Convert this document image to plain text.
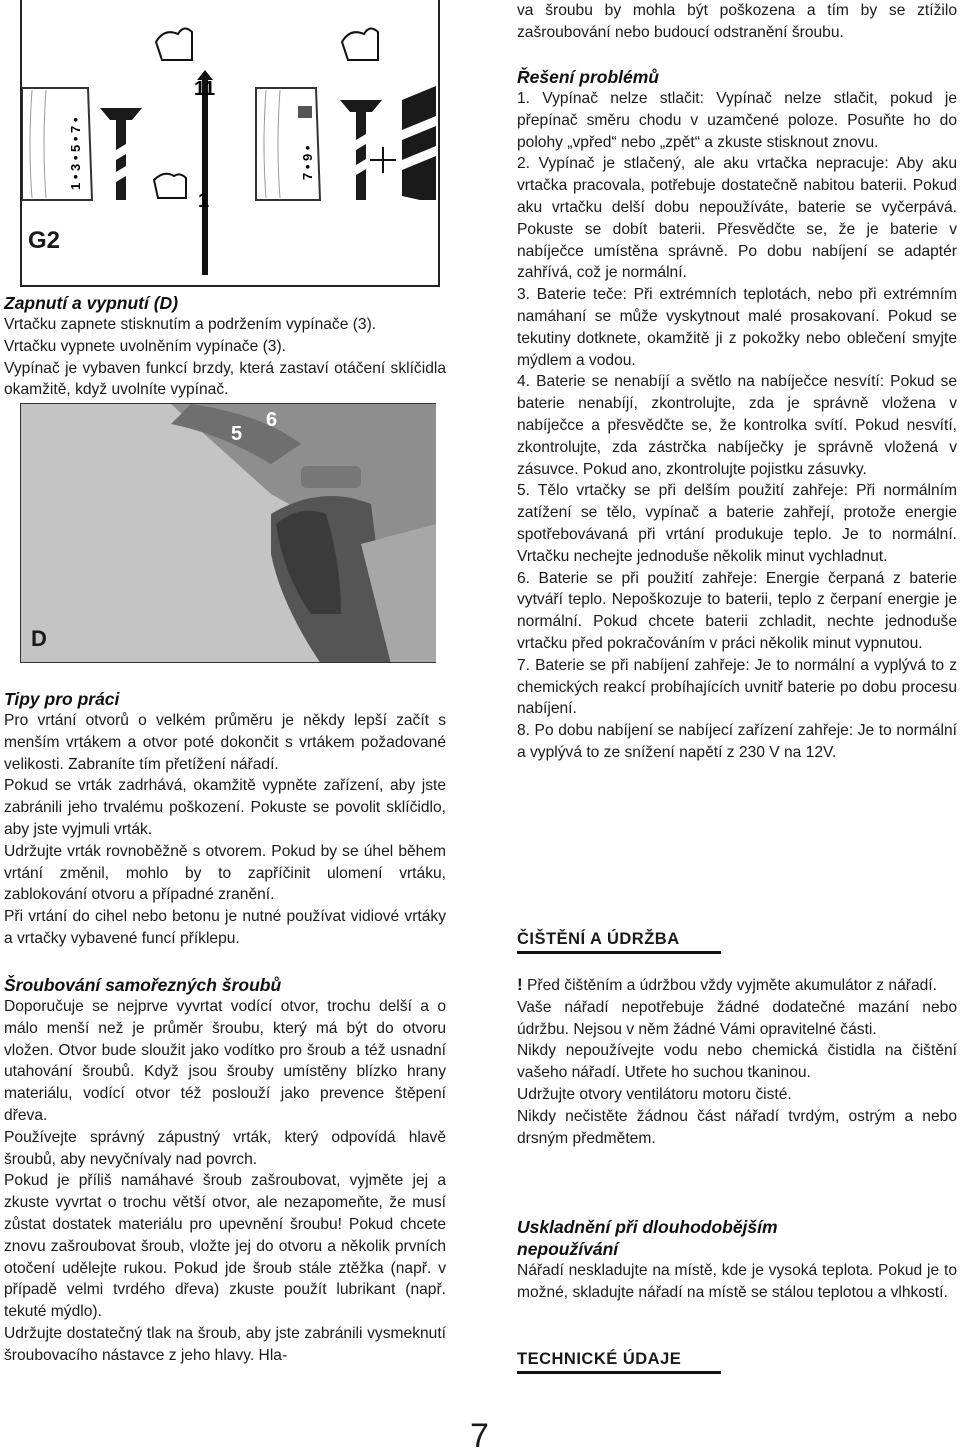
1 • 3 • 5 • 7 •
11
1
7 • 9 •
G2
Zapnutí a vypnutí (D)

Vrtačku zapnete stisknutím a podržením vypínače (3).

Vrtačku vypnete uvolněním vypínače (3).

Vypínač je vybaven funkcí brzdy, která zastaví otáčení sklíčidla okamžitě, když uvolníte vypínač.

Tipy pro práci

Pro vrtání otvorů o velkém průměru je někdy lepší začít s menším vrtákem a otvor poté dokončit s vrtákem požadované velikosti. Zabraníte tím přetížení nářadí.

Pokud se vrták zadrhává, okamžitě vypněte zařízení, aby jste zabránili jeho trvalému poškození. Pokuste se povolit sklíčidlo, aby jste vyjmuli vrták.

Udržujte vrták rovnoběžně s otvorem. Pokud by se úhel během vrtání změnil, mohlo by to zapříčinit ulomení vrtáku, zablokování otvoru a případné zranění.

Při vrtání do cihel nebo betonu je nutné používat vidiové vrtáky a vrtačky vybavené funcí příklepu.

Šroubování samořezných šroubů

Doporučuje se nejprve vyvrtat vodící otvor, trochu delší a o málo menší než je průměr šroubu, který má být do otvoru vložen. Otvor bude sloužit jako vodítko pro šroub a též usnadní utahování šroubů. Když jsou šrouby umístěny blízko hrany materiálu, vodící otvor též poslouží jako prevence štěpení dřeva.

Používejte správný zápustný vrták, který odpovídá hlavě šroubů, aby nevyčnívaly nad povrch.

Pokud je příliš namáhavé šroub zašroubovat, vyjměte jej a zkuste vyvrtat o trochu větší otvor, ale nezapomeňte, že musí zůstat dostatek materiálu pro upevnění šroubu! Pokud chcete znovu zašroubovat šroub, vložte jej do otvoru a několik prvních otočení udělejte rukou. Pokud jde šroub stále ztěžka (např. v případě velmi tvrdého dřeva) zkuste použít lubrikant (např. tekuté mýdlo).

Udržujte dostatečný tlak na šroub, aby jste zabránili vysmeknutí šroubovacího nástavce z jeho hlavy. Hla-

5
6
D

va šroubu by mohla být poškozena a tím by se ztížilo zašroubování nebo budoucí odstranění šroubu.

Řešení problémů

1. Vypínač nelze stlačit: Vypínač nelze stlačit, pokud je přepínač směru chodu v uzamčené poloze. Posuňte ho do polohy „vpřed“ nebo „zpět“ a zkuste stisknout znovu.

2. Vypínač je stlačený, ale aku vrtačka nepracuje: Aby aku vrtačka pracovala, potřebuje dostatečně nabitou baterii. Pokud aku vrtačku delší dobu nepoužíváte, baterie se vyčerpává. Pokuste se dobít baterii. Přesvědčte se, že je baterie v nabíječce umístěna správně. Po dobu nabíjení se adaptér zahřívá, což je normální.

3. Baterie teče: Při extrémních teplotách, nebo při extrémním namáhaní se může vyskytnout malé prosakovaní. Pokud se tekutiny dotknete, okamžitě ji z pokožky nebo oblečení smyjte mýdlem a vodou.

4. Baterie se nenabíjí a světlo na nabíječce nesvítí: Pokud se baterie nenabíjí, zkontrolujte, zda je správně vložena v nabíječce a přesvědčte se, že kontrolka svítí. Pokud nesvítí, zkontrolujte, zda zástrčka nabíječky je správně vložená v zásuvce. Pokud ano, zkontrolujte pojistku zásuvky.

5. Tělo vrtačky se při delším použití zahřeje: Při normálním zatížení se tělo, vypínač a baterie zahřejí, protože energie spotřebovávaná při vrtání produkuje teplo. Je to normální. Vrtačku nechejte jednoduše několik minut vychladnut.

6. Baterie se při použití zahřeje: Energie čerpaná z baterie vytváří teplo. Nepoškozuje to baterii, teplo z čerpaní energie je normální. Pokud chcete baterii zchladit, nechte jednoduše vrtačku před pokračováním v práci několik minut vypnutou.

7. Baterie se při nabíjení zahřeje: Je to normální a vyplývá to z chemických reakcí probíhajících uvnitř baterie po dobu procesu nabíjení.

8. Po dobu nabíjení se nabíjecí zařízení zahřeje: Je to normální a vyplývá to ze snížení napětí z 230 V na 12V.

ČIŠTĚNÍ A ÚDRŽBA

! Před čištěním a údržbou vždy vyjměte akumulátor z nářadí.

Vaše nářadí nepotřebuje žádné dodatečné mazání nebo údržbu. Nejsou v něm žádné Vámi opravitelné části.

Nikdy nepoužívejte vodu nebo chemická čistidla na čištění vašeho nářadí. Utřete ho suchou tkaninou.

Udržujte otvory ventilátoru motoru čisté.

Nikdy nečistěte žádnou část nářadí tvrdým, ostrým a nebo drsným předmětem.

Uskladnění při dlouhodobějším nepoužívání

Nářadí neskladujte na místě, kde je vysoká teplota. Pokud je to možné, skladujte nářadí na místě se stálou teplotou a vlhkostí.

TECHNICKÉ ÚDAJE
7
